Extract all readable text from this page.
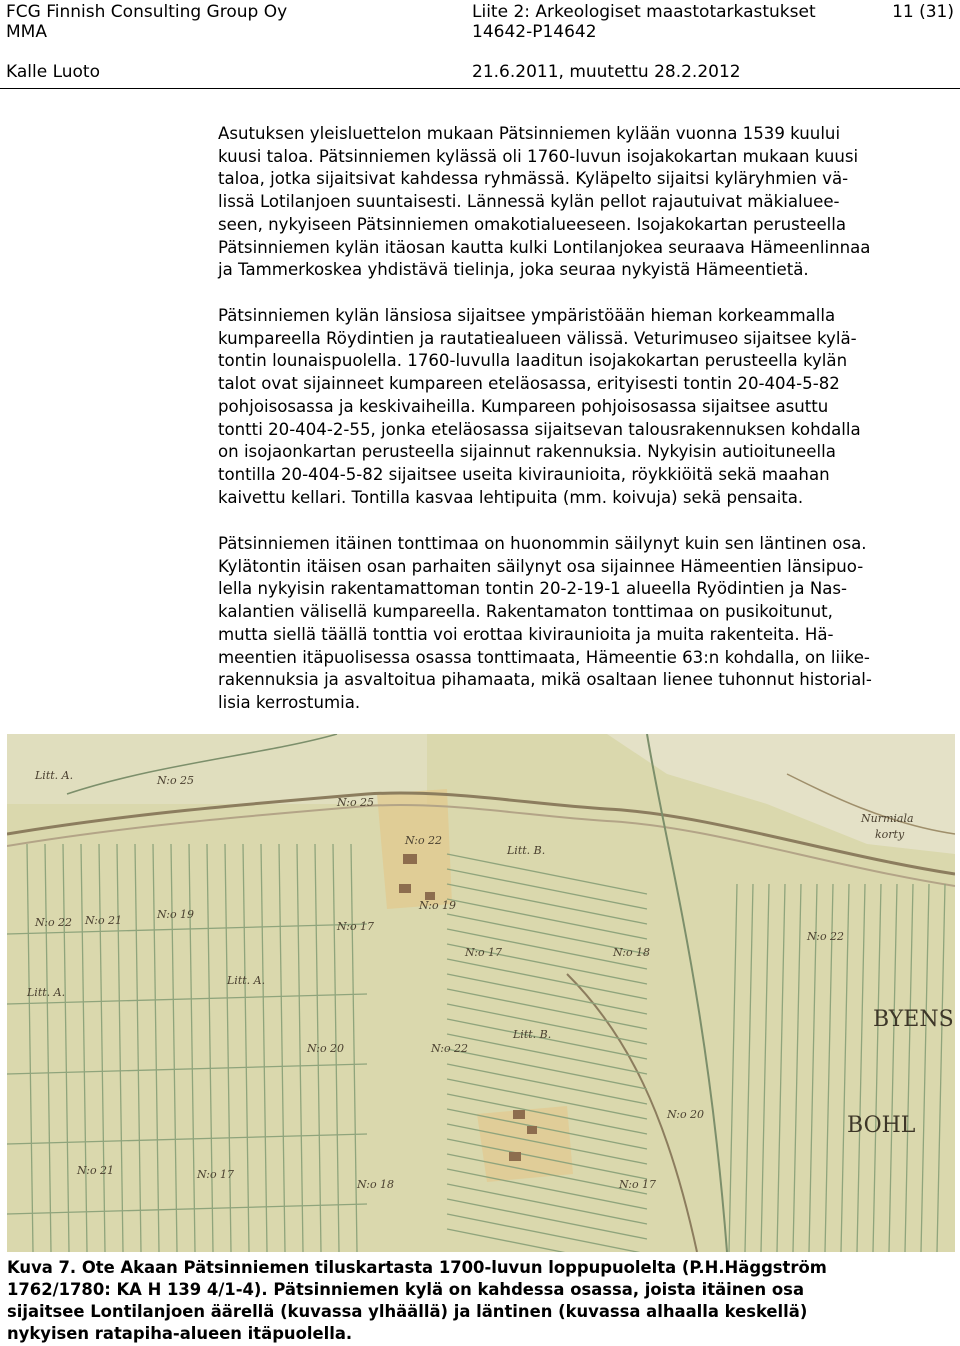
FCG Finnish Consulting Group Oy
MMA
Kalle Luoto
Liite 2: Arkeologiset maastotarkastukset
14642-P14642
21.6.2011, muutettu 28.2.2012
11 (31)

Asutuksen yleisluettelon mukaan Pätsinniemen kylään vuonna 1539 kuului
kuusi taloa. Pätsinniemen kylässä oli 1760-luvun isojakokartan mukaan kuusi
taloa, jotka sijaitsivat kahdessa ryhmässä. Kyläpelto sijaitsi kyläryhmien vä-
lissä Lotilanjoen suuntaisesti. Lännessä kylän pellot rajautuivat mäkialuee-
seen, nykyiseen Pätsinniemen omakotialueeseen. Isojakokartan perusteella
Pätsinniemen kylän itäosan kautta kulki Lontilanjokea seuraava Hämeenlinnaa
ja Tammerkoskea yhdistävä tielinja, joka seuraa nykyistä Hämeentietä.

Pätsinniemen kylän länsiosa sijaitsee ympäristöään hieman korkeammalla
kumpareella Röydintien ja rautatiealueen välissä. Veturimuseo sijaitsee kylä-
tontin lounaispuolella. 1760-luvulla laaditun isojakokartan perusteella kylän
talot ovat sijainneet kumpareen eteläosassa, erityisesti tontin 20-404-5-82
pohjoisosassa ja keskivaiheilla. Kumpareen pohjoisosassa sijaitsee asuttu
tontti 20-404-2-55, jonka eteläosassa sijaitsevan talousrakennuksen kohdalla
on isojaonkartan perusteella sijainnut rakennuksia. Nykyisin autioituneella
tontilla 20-404-5-82 sijaitsee useita kiviraunioita, röykkiöitä sekä maahan
kaivettu kellari. Tontilla kasvaa lehtipuita (mm. koivuja) sekä pensaita.

Pätsinniemen itäinen tonttimaa on huonommin säilynyt kuin sen läntinen osa.
Kylätontin itäisen osan parhaiten säilynyt osa sijainnee Hämeentien länsipuo-
lella nykyisin rakentamattoman tontin 20-2-19-1 alueella Ryödintien ja Nas-
kalantien välisellä kumpareella. Rakentamaton tonttimaa on pusikoitunut,
mutta siellä täällä tonttia voi erottaa kiviraunioita ja muita rakenteita. Hä-
meentien itäpuolisessa osassa tonttimaata, Hämeentie 63:n kohdalla, on liike-
rakennuksia ja asvaltoitua pihamaata, mikä osaltaan lienee tuhonnut historial-
lisia kerrostumia.

Litt. A.	N:o 25
N:o 25
N:o 22
N:o 19
Litt. B.
N:o 22 N:o 21	N:o 19
N:o 17
N:o 17	N:o 18
N:o 22
Litt. A.
Litt. A.
N:o 20	N:o 22
Litt. B.
N:o 20
N:o 21	N:o 17
N:o 18	N:o 17
Nurmiala
korty
BYENS
BOHL

Kuva 7. Ote Akaan Pätsinniemen tiluskartasta 1700-luvun loppupuolelta (P.H.Häggström
1762/1780: KA H 139 4/1-4). Pätsinniemen kylä on kahdessa osassa, joista itäinen osa
sijaitsee Lontilanjoen äärellä (kuvassa ylhäällä) ja läntinen (kuvassa alhaalla keskellä)
nykyisen ratapiha-alueen itäpuolella.
